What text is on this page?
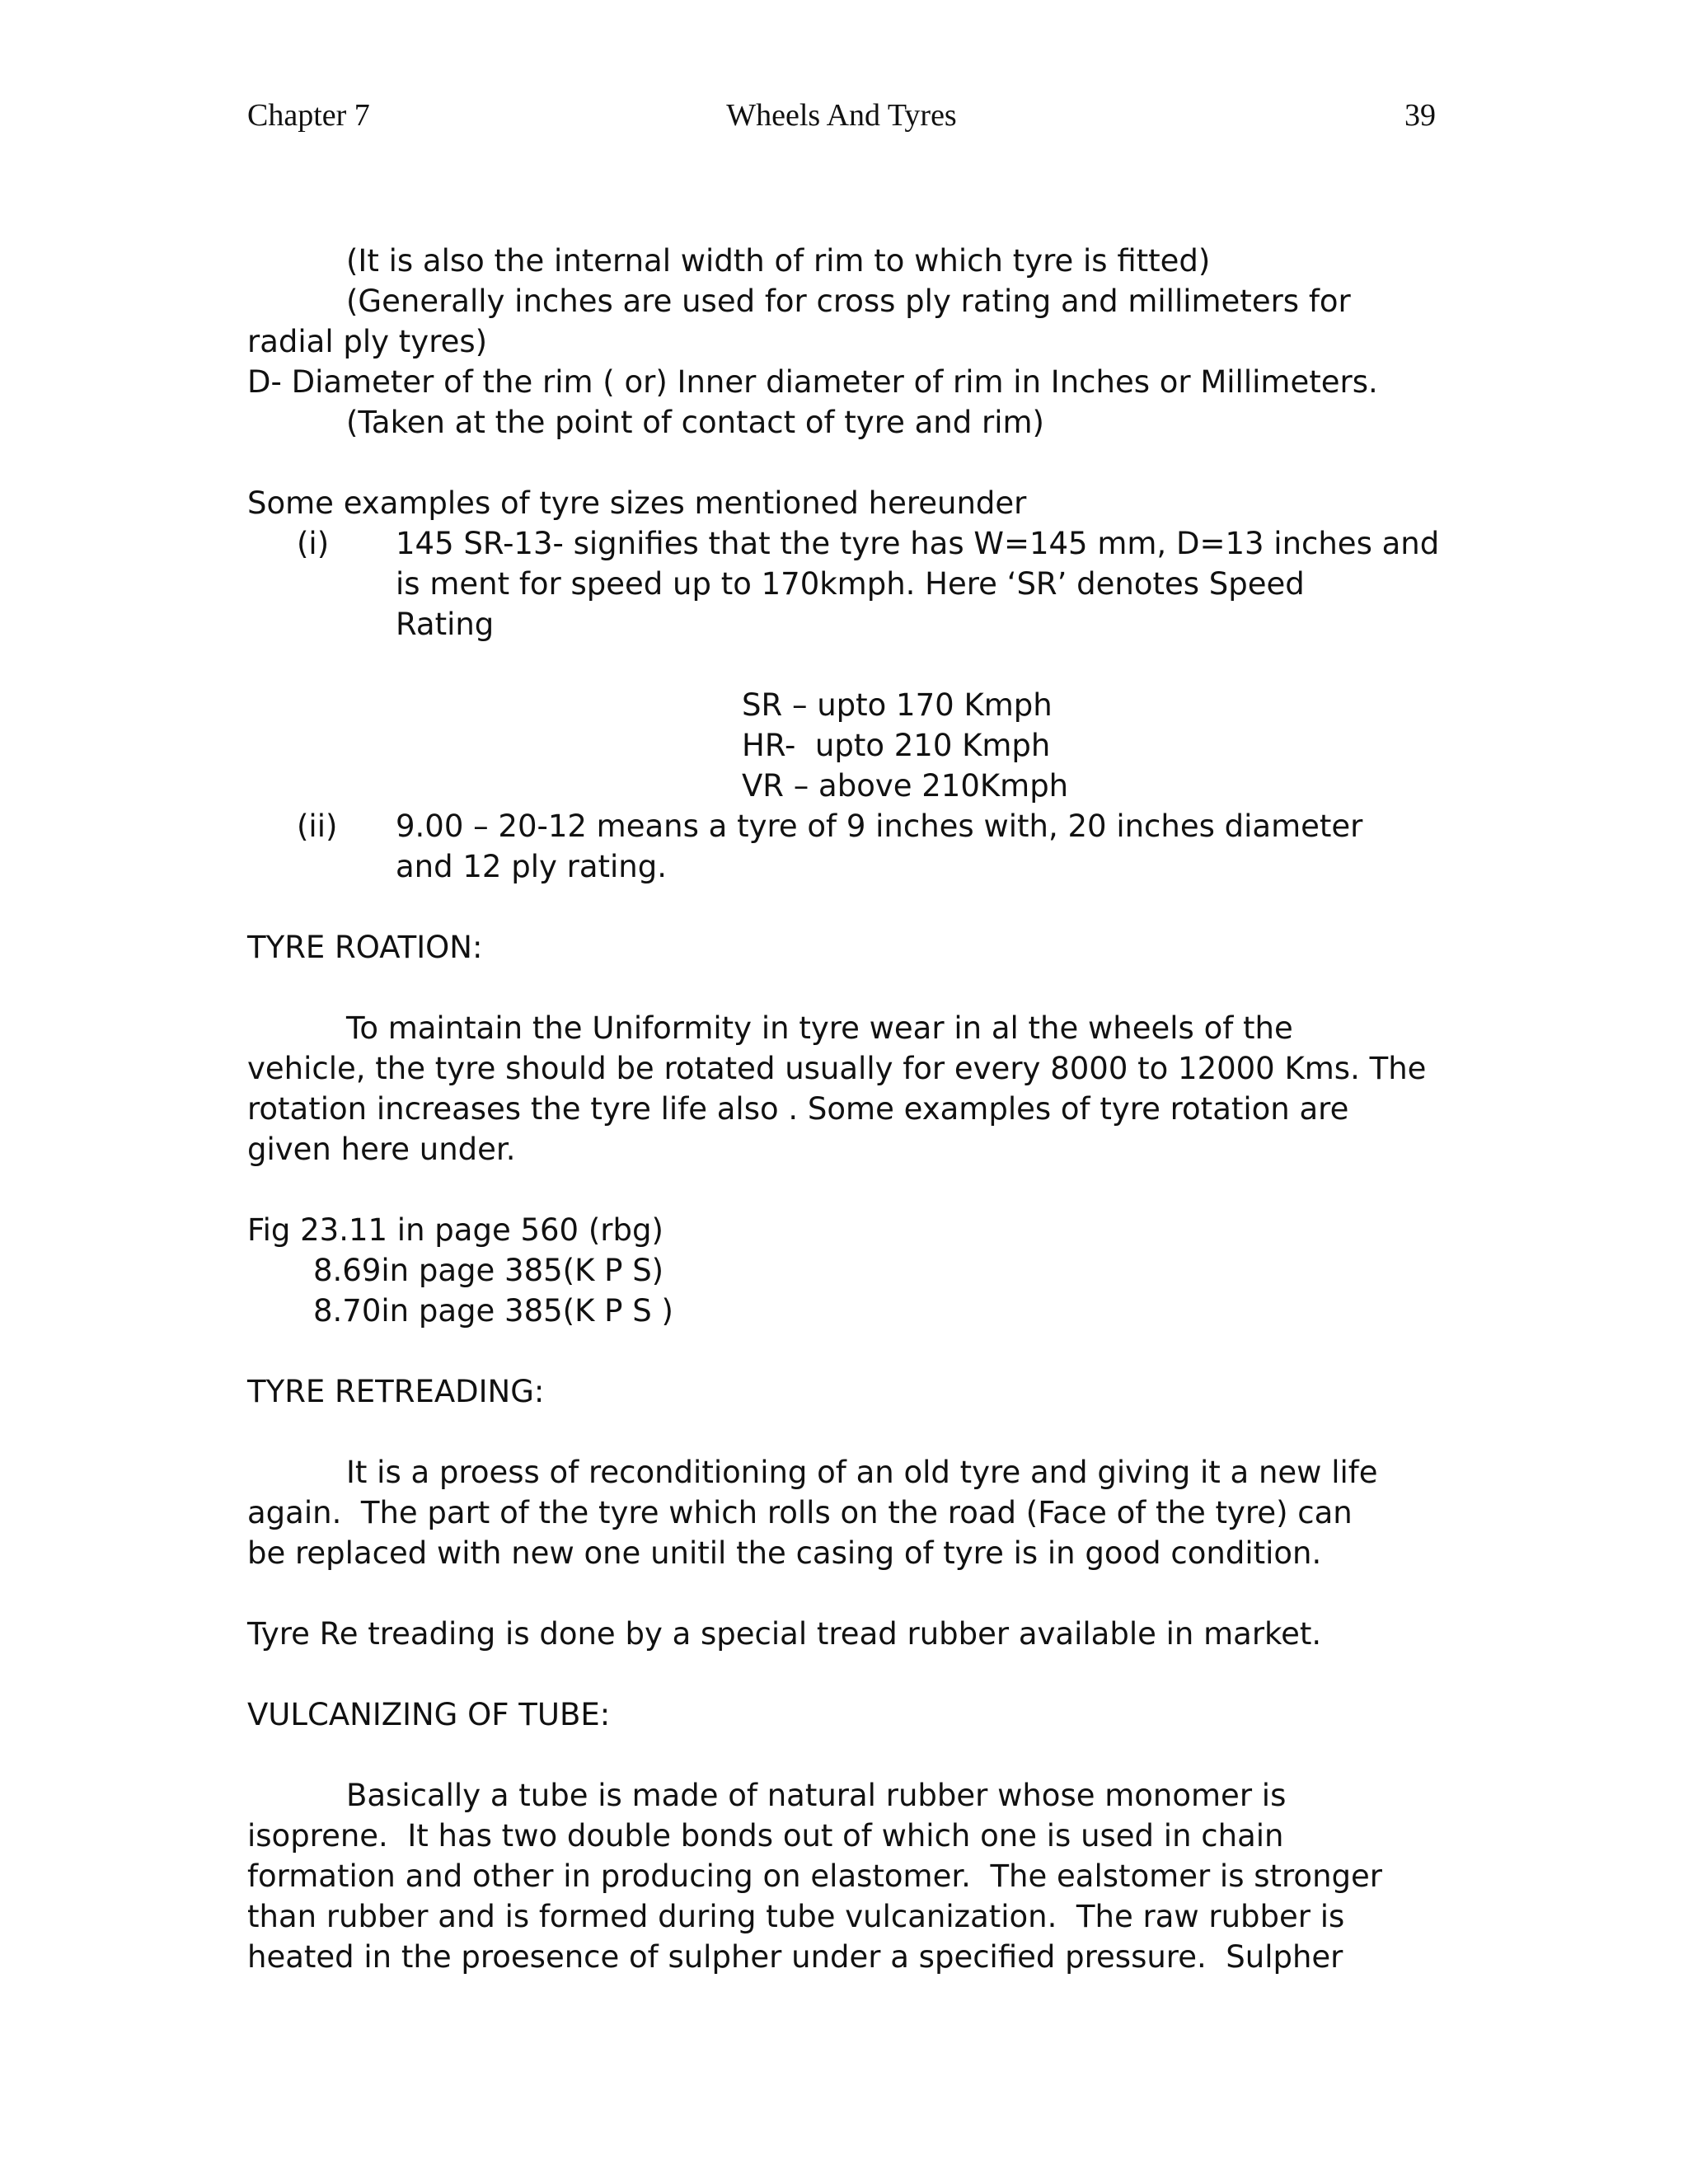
Chapter 7	Wheels And Tyres	39
(It is also the internal width of rim to which tyre is fitted)
(Generally inches are used for cross ply rating and millimeters for
radial ply tyres)
D- Diameter of the rim ( or) Inner diameter of rim in Inches or Millimeters.
(Taken at the point of contact of tyre and rim)
Some examples of tyre sizes mentioned hereunder
(i) 145 SR-13- signifies that the tyre has W=145 mm, D=13 inches and
is ment for speed up to 170kmph. Here ‘SR’ denotes Speed
Rating
SR – upto 170 Kmph
HR-  upto 210 Kmph
VR – above 210Kmph
(ii) 9.00 – 20-12 means a tyre of 9 inches with, 20 inches diameter
and 12 ply rating.
TYRE ROATION:
To maintain the Uniformity in tyre wear in al the wheels of the
vehicle, the tyre should be rotated usually for every 8000 to 12000 Kms. The
rotation increases the tyre life also . Some examples of tyre rotation are
given here under.
Fig 23.11 in page 560 (rbg)
8.69in page 385(K P S)
8.70in page 385(K P S )
TYRE RETREADING:
It is a proess of reconditioning of an old tyre and giving it a new life
again.  The part of the tyre which rolls on the road (Face of the tyre) can
be replaced with new one unitil the casing of tyre is in good condition.
Tyre Re treading is done by a special tread rubber available in market.
VULCANIZING OF TUBE:
Basically a tube is made of natural rubber whose monomer is
isoprene.  It has two double bonds out of which one is used in chain
formation and other in producing on elastomer.  The ealstomer is stronger
than rubber and is formed during tube vulcanization.  The raw rubber is
heated in the proesence of sulpher under a specified pressure.  Sulpher
